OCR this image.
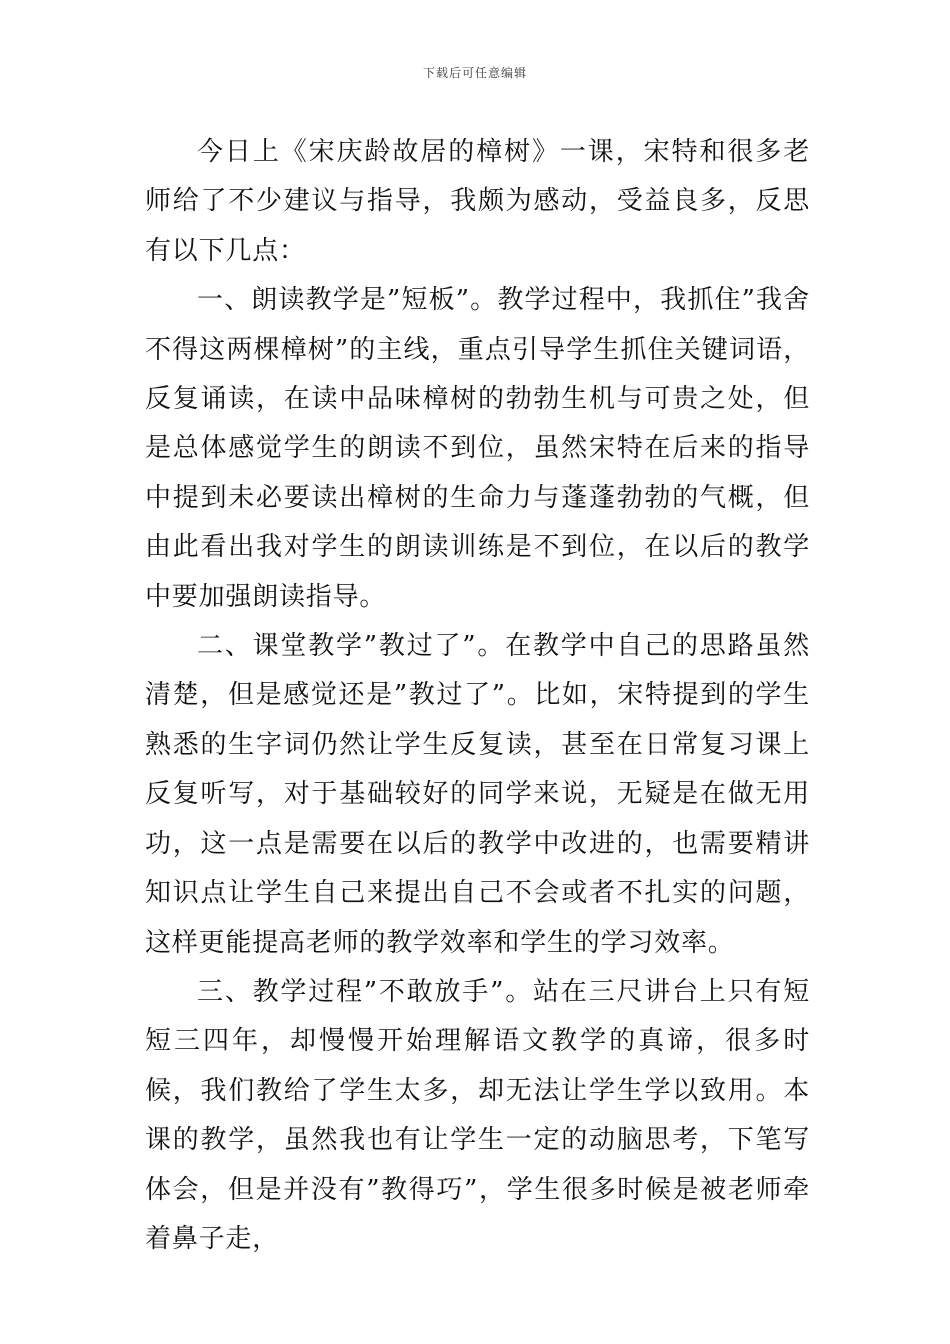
下载后可任意编辑

今日上《宋庆龄故居的樟树》一课，宋特和很多老师给了不少建议与指导，我颇为感动，受益良多，反思有以下几点：

一、朗读教学是”短板”。教学过程中，我抓住”我舍不得这两棵樟树”的主线，重点引导学生抓住关键词语，反复诵读，在读中品味樟树的勃勃生机与可贵之处，但是总体感觉学生的朗读不到位，虽然宋特在后来的指导中提到未必要读出樟树的生命力与蓬蓬勃勃的气概，但由此看出我对学生的朗读训练是不到位，在以后的教学中要加强朗读指导。

二、课堂教学”教过了”。在教学中自己的思路虽然清楚，但是感觉还是”教过了”。比如，宋特提到的学生熟悉的生字词仍然让学生反复读，甚至在日常复习课上反复听写，对于基础较好的同学来说，无疑是在做无用功，这一点是需要在以后的教学中改进的，也需要精讲知识点让学生自己来提出自己不会或者不扎实的问题，这样更能提高老师的教学效率和学生的学习效率。

三、教学过程”不敢放手”。站在三尺讲台上只有短短三四年，却慢慢开始理解语文教学的真谛，很多时候，我们教给了学生太多，却无法让学生学以致用。本课的教学，虽然我也有让学生一定的动脑思考，下笔写体会，但是并没有”教得巧”，学生很多时候是被老师牵着鼻子走，
